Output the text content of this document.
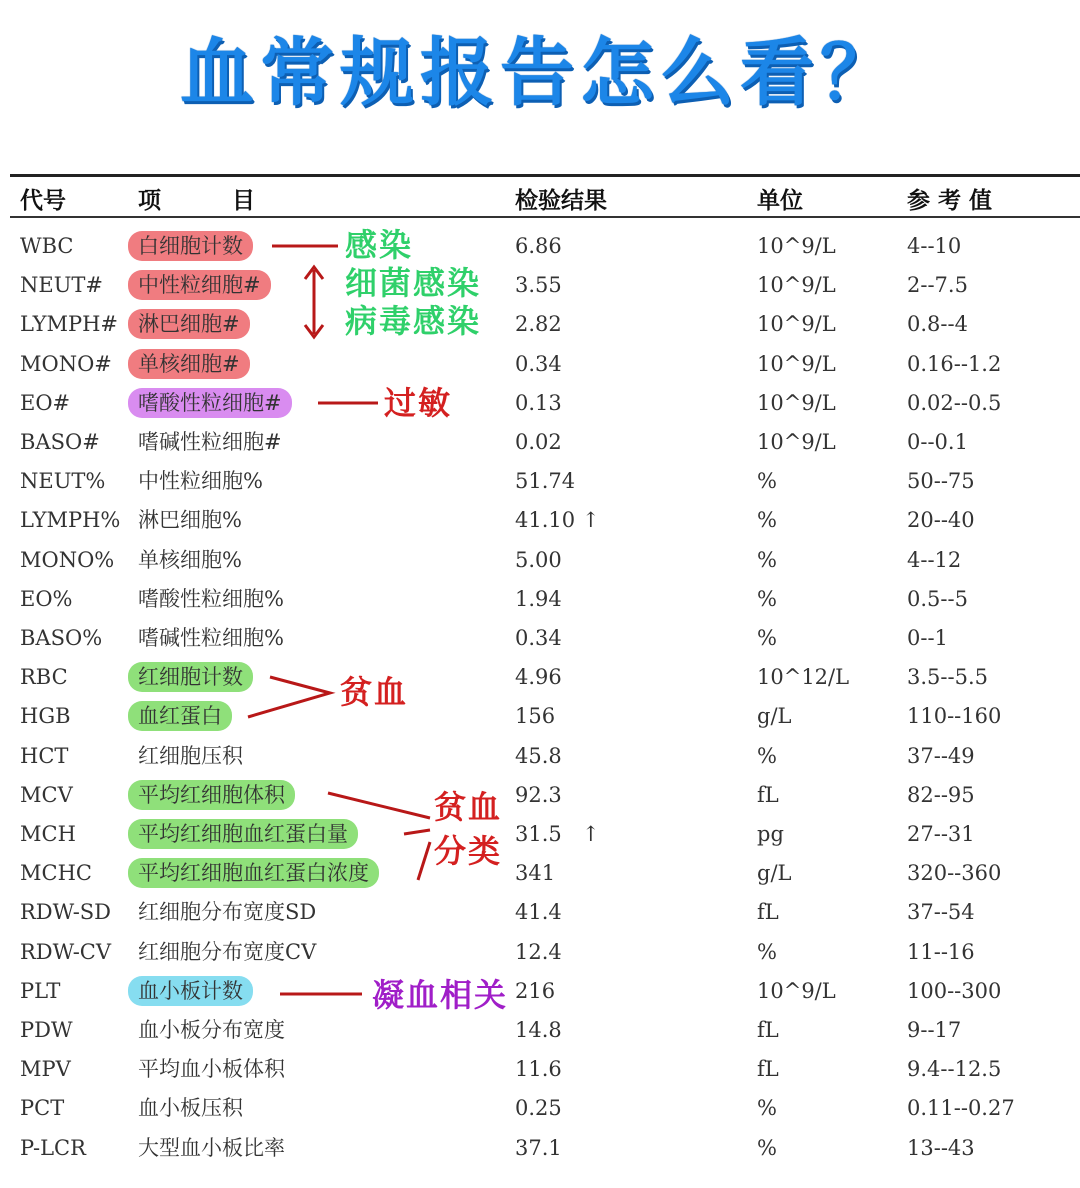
血常规报告怎么看？
代号	项	目	检验结果	单位	参 考 值
WBC	白细胞计数	6.86	10^9/L	4--10
NEUT# 中性粒细胞#	3.55	10^9/L	2--7.5
LYMPH# 淋巴细胞#	2.82	10^9/L	0.8--4
MONO# 单核细胞#	0.34	10^9/L	0.16--1.2
EO#	嗜酸性粒细胞#	0.13	10^9/L	0.02--0.5
BASO# 嗜碱性粒细胞#	0.02	10^9/L	0--0.1
NEUT% 中性粒细胞%	51.74	%	50--75
LYMPH% 淋巴细胞%	41.10 ↑	%	20--40
MONO% 单核细胞%	5.00	%	4--12
EO%	嗜酸性粒细胞%	1.94	%	0.5--5
BASO% 嗜碱性粒细胞%	0.34	%	0--1
RBC	红细胞计数	4.96	10^12/L	3.5--5.5
HGB	血红蛋白	156	g/L	110--160
HCT	红细胞压积	45.8	%	37--49
MCV	平均红细胞体积	92.3	fL	82--95
MCH	平均红细胞血红蛋白量	31.5 ↑	pg	27--31
MCHC 平均红细胞血红蛋白浓度	341	g/L	320--360
RDW-SD 红细胞分布宽度SD	41.4	fL	37--54
RDW-CV 红细胞分布宽度CV	12.4	%	11--16
PLT	血小板计数	216	10^9/L	100--300
PDW	血小板分布宽度	14.8	fL	9--17
MPV	平均血小板体积	11.6	fL	9.4--12.5
PCT	血小板压积	0.25	%	0.11--0.27
P-LCR 大型血小板比率	37.1	%	13--43
感染
细菌感染
病毒感染
过敏
贫血
贫血
分类
凝血相关
